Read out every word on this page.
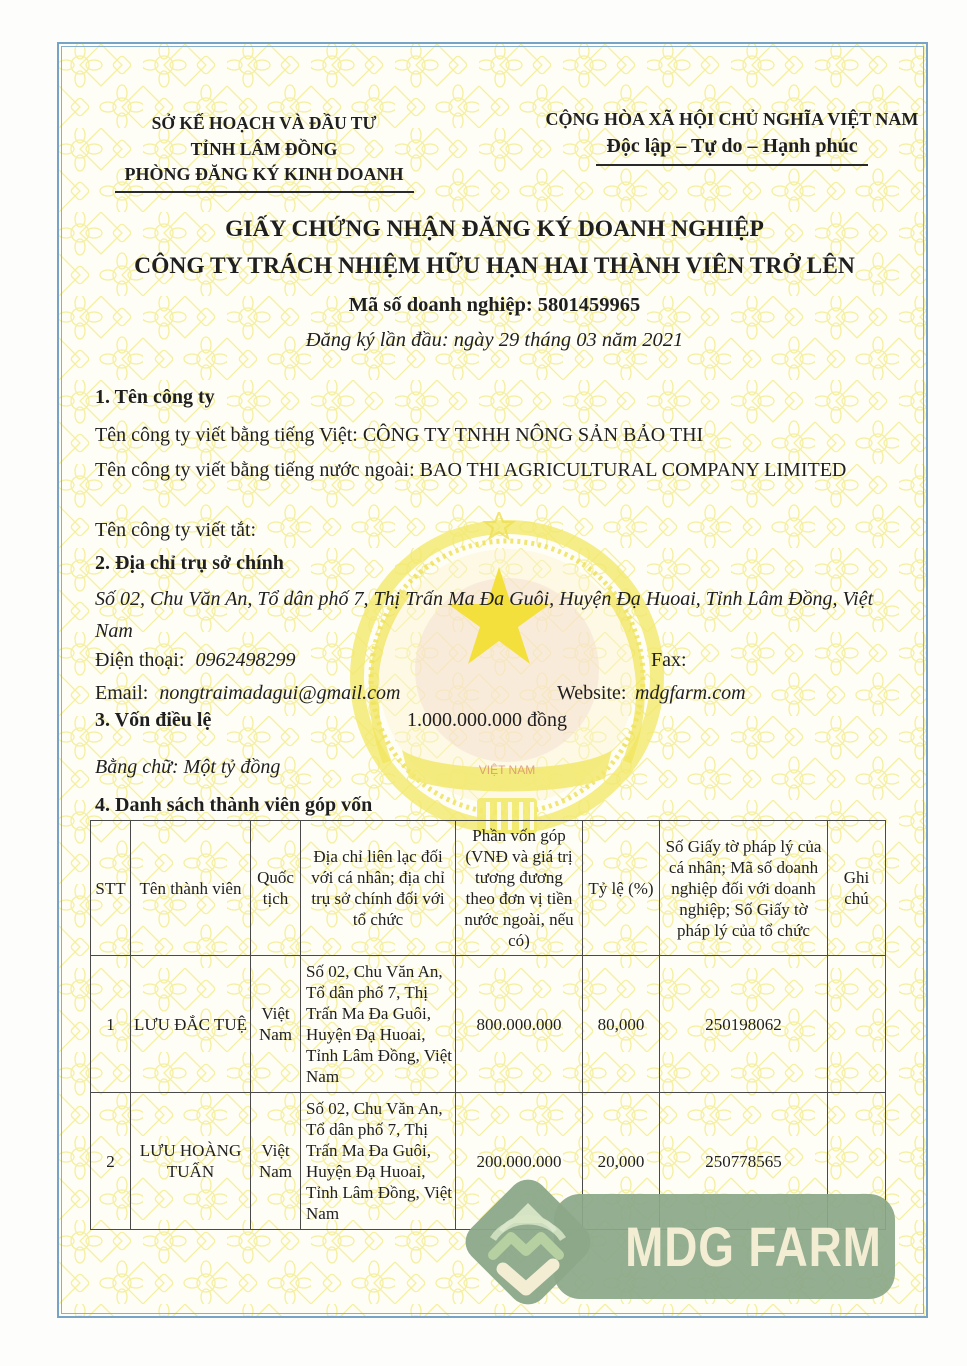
VIỆT NAM
SỞ KẾ HOẠCH VÀ ĐẦU TƯ
TỈNH LÂM ĐỒNG
PHÒNG ĐĂNG KÝ KINH DOANH
CỘNG HÒA XÃ HỘI CHỦ NGHĨA VIỆT NAM
Độc lập – Tự do – Hạnh phúc
GIẤY CHỨNG NHẬN ĐĂNG KÝ DOANH NGHIỆP
CÔNG TY TRÁCH NHIỆM HỮU HẠN HAI THÀNH VIÊN TRỞ LÊN
Mã số doanh nghiệp: 5801459965
Đăng ký lần đầu: ngày 29 tháng 03 năm 2021
1. Tên công ty
Tên công ty viết bằng tiếng Việt: CÔNG TY TNHH NÔNG SẢN BẢO THI
Tên công ty viết bằng tiếng nước ngoài: BAO THI AGRICULTURAL COMPANY LIMITED
Tên công ty viết tắt:
2. Địa chỉ trụ sở chính
Số 02, Chu Văn An, Tổ dân phố 7, Thị Trấn Ma Đa Guôi, Huyện Đạ Huoai, Tỉnh Lâm Đồng, Việt Nam
Điện thoại: 0962498299	Fax:
Email: nongtraimadagui@gmail.com	Website: mdgfarm.com
3. Vốn điều lệ	1.000.000.000 đồng
Bằng chữ: Một tỷ đồng
4. Danh sách thành viên góp vốn
STT	Tên thành viên	Quốc tịch	Địa chỉ liên lạc đối với cá nhân; địa chỉ trụ sở chính đối với tổ chức	Phần vốn góp (VNĐ và giá trị tương đương theo đơn vị tiền nước ngoài, nếu có)	Tỷ lệ (%)	Số Giấy tờ pháp lý của cá nhân; Mã số doanh nghiệp đối với doanh nghiệp; Số Giấy tờ pháp lý của tổ chức	Ghi chú
1	LƯU ĐẮC TUỆ	Việt Nam	Số 02, Chu Văn An, Tổ dân phố 7, Thị Trấn Ma Đa Guôi, Huyện Đạ Huoai, Tỉnh Lâm Đồng, Việt Nam	800.000.000	80,000	250198062	
2	LƯU HOÀNG TUẤN	Việt Nam	Số 02, Chu Văn An, Tổ dân phố 7, Thị Trấn Ma Đa Guôi, Huyện Đạ Huoai, Tỉnh Lâm Đồng, Việt Nam	200.000.000	20,000	250778565	
MDG FARM
